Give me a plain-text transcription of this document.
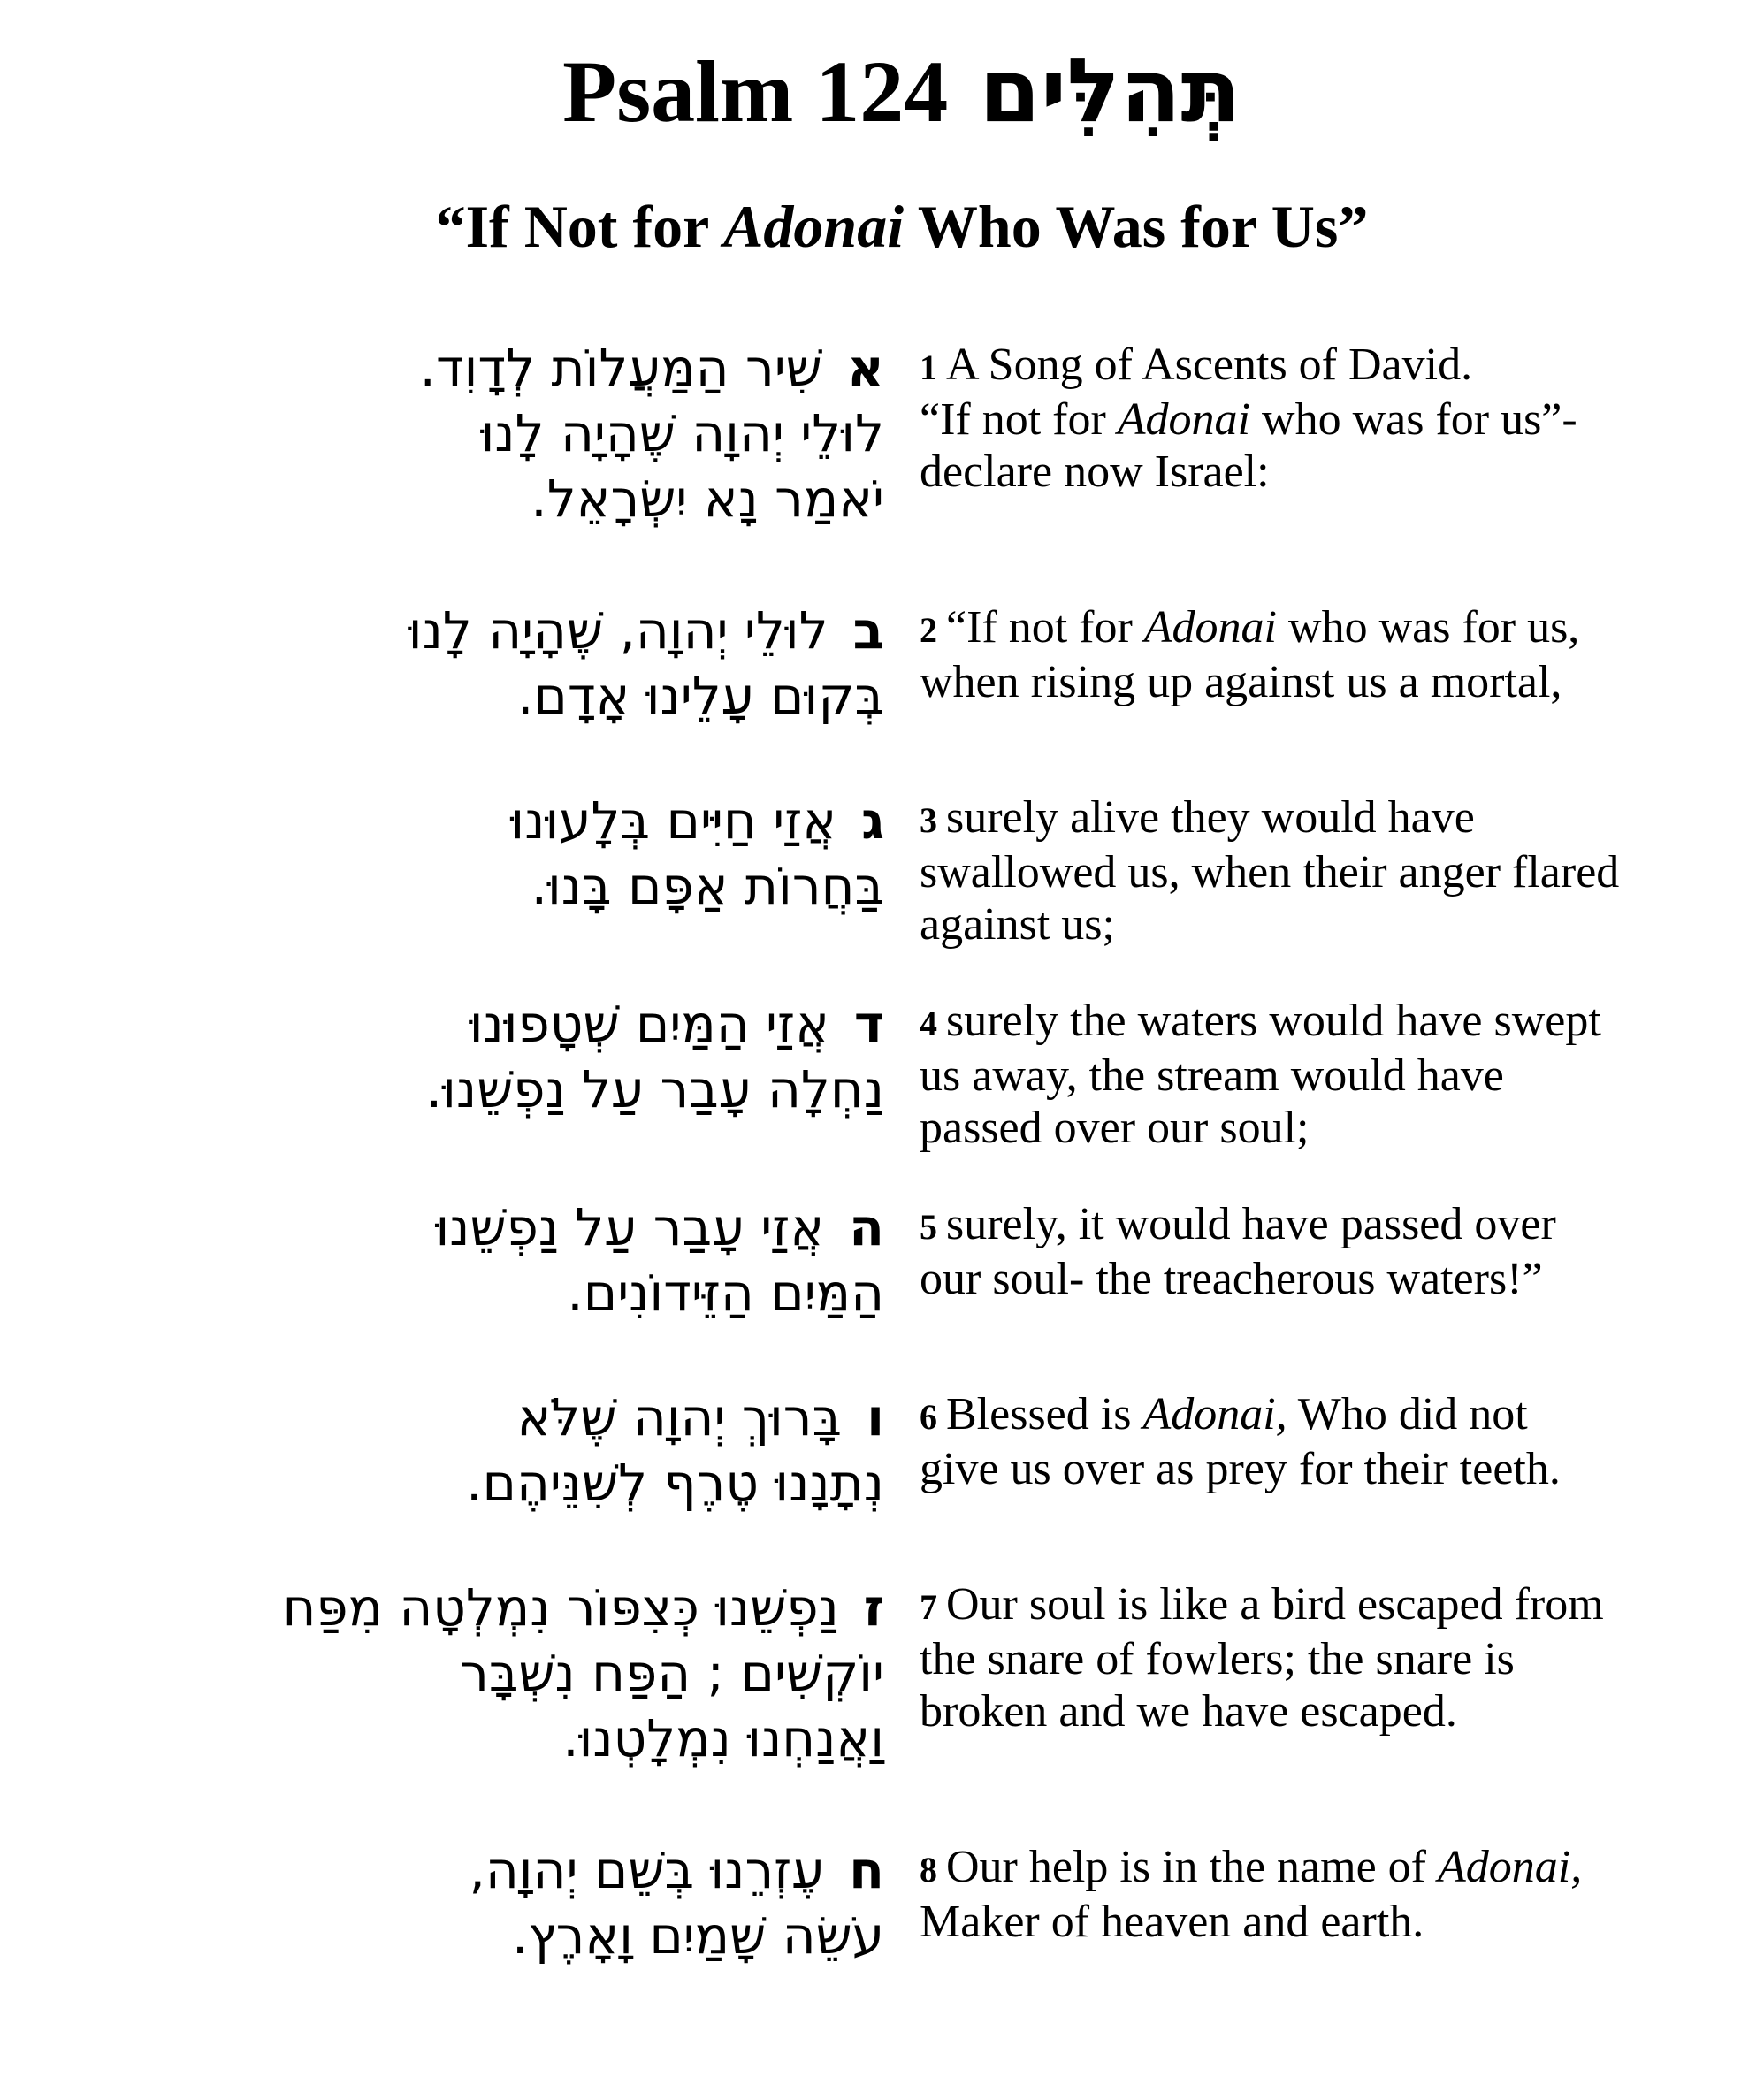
Psalm 124 תְּהִלִּים
“If Not for Adonai Who Was for Us”
אשִׁיר הַמַּעֲלוֹת לְדָוִד.
לוּלֵי יְהוָה שֶׁהָיָה לָנוּ
יֹאמַר נָא יִשְׂרָאֵל.
1 A Song of Ascents of David.
“If not for Adonai who was for us”-
declare now Israel:
בלוּלֵי יְהוָה, שֶׁהָיָה לָנוּ
בְּקוּם עָלֵינוּ אָדָם.
2 “If not for Adonai who was for us,
when rising up against us a mortal,
גאֲזַי חַיִּים בְּלָעוּנוּ
בַּחֲרוֹת אַפָּם בָּנוּ.
3 surely alive they would have
swallowed us, when their anger flared
against us;
דאֲזַי הַמַּיִם שְׁטָפוּנוּ
נַחְלָה עָבַר עַל נַפְשֵׁנוּ.
4 surely the waters would have swept
us away, the stream would have
passed over our soul;
האֲזַי עָבַר עַל נַפְשֵׁנוּ
הַמַּיִם הַזֵּידוֹנִים.
5 surely, it would have passed over
our soul- the treacherous waters!”
ובָּרוּךְ יְהוָה שֶׁלֹּא
נְתָנָנוּ טֶרֶף לְשִׁנֵּיהֶם.
6 Blessed is Adonai, Who did not
give us over as prey for their teeth.
זנַפְשֵׁנוּ כְּצִפּוֹר נִמְלְטָה מִפַּח
יוֹקְשִׁים ; הַפַּח נִשְׁבָּר
וַאֲנַחְנוּ נִמְלָטְנוּ.
7 Our soul is like a bird escaped from
the snare of fowlers; the snare is
broken and we have escaped.
חעֶזְרֵנוּ בְּשֵׁם יְהוָה,
עֹשֵׂה שָׁמַיִם וָאָרֶץ.
8 Our help is in the name of Adonai,
Maker of heaven and earth.
